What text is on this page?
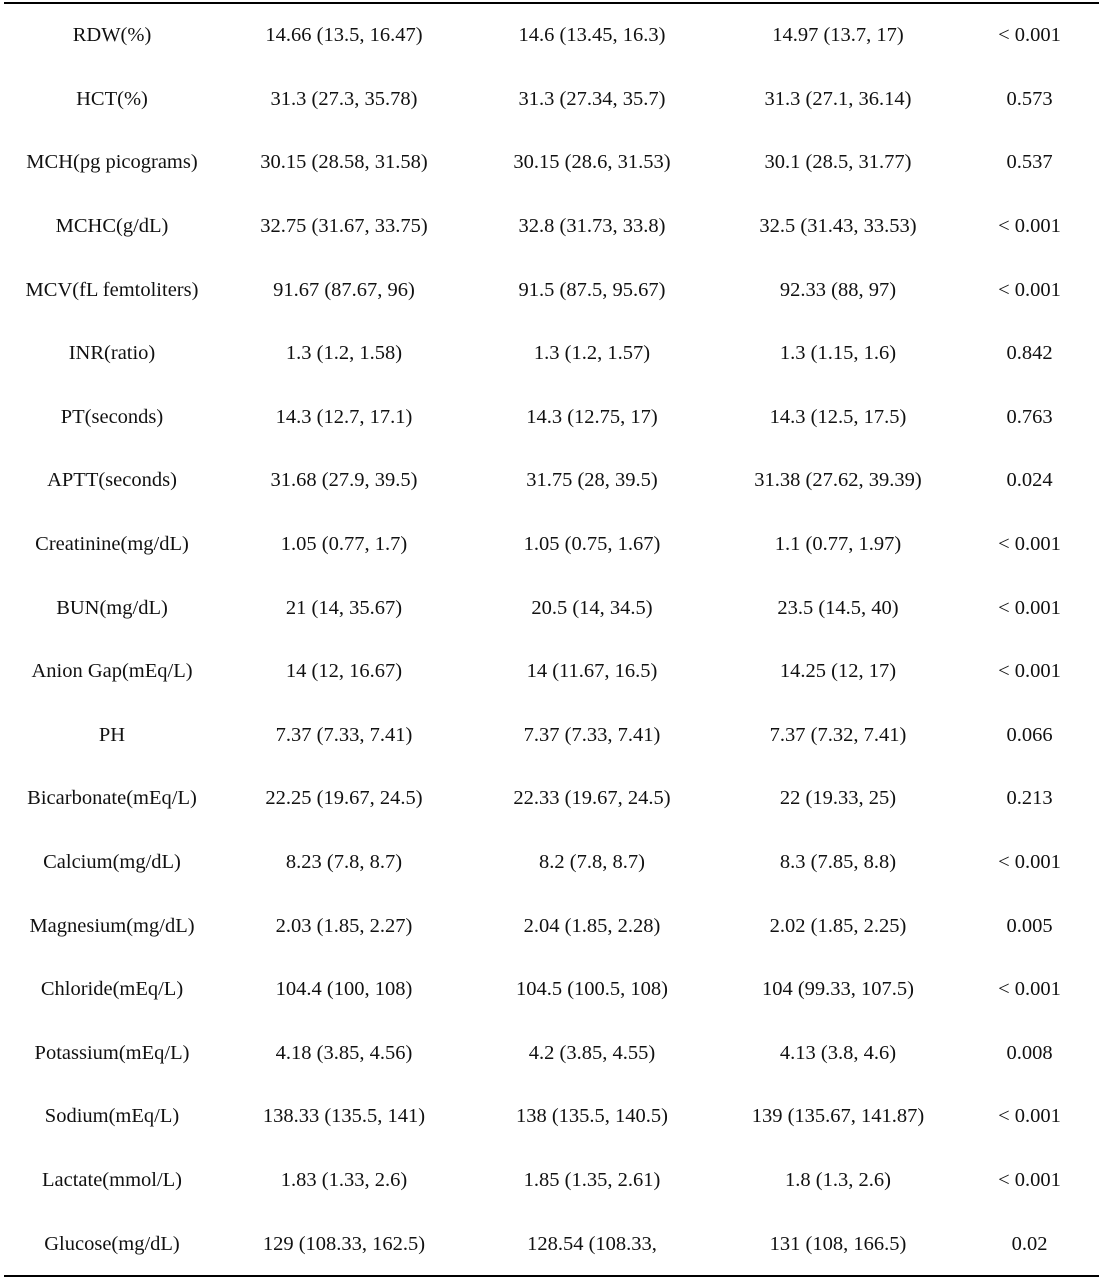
RDW(%)	14.66 (13.5, 16.47)	14.6 (13.45, 16.3)	14.97 (13.7, 17)	< 0.001
HCT(%)	31.3 (27.3, 35.78)	31.3 (27.34, 35.7)	31.3 (27.1, 36.14)	0.573
MCH(pg picograms)	30.15 (28.58, 31.58)	30.15 (28.6, 31.53)	30.1 (28.5, 31.77)	0.537
MCHC(g/dL)	32.75 (31.67, 33.75)	32.8 (31.73, 33.8)	32.5 (31.43, 33.53)	< 0.001
MCV(fL femtoliters)	91.67 (87.67, 96)	91.5 (87.5, 95.67)	92.33 (88, 97)	< 0.001
INR(ratio)	1.3 (1.2, 1.58)	1.3 (1.2, 1.57)	1.3 (1.15, 1.6)	0.842
PT(seconds)	14.3 (12.7, 17.1)	14.3 (12.75, 17)	14.3 (12.5, 17.5)	0.763
APTT(seconds)	31.68 (27.9, 39.5)	31.75 (28, 39.5)	31.38 (27.62, 39.39)	0.024
Creatinine(mg/dL)	1.05 (0.77, 1.7)	1.05 (0.75, 1.67)	1.1 (0.77, 1.97)	< 0.001
BUN(mg/dL)	21 (14, 35.67)	20.5 (14, 34.5)	23.5 (14.5, 40)	< 0.001
Anion Gap(mEq/L)	14 (12, 16.67)	14 (11.67, 16.5)	14.25 (12, 17)	< 0.001
PH	7.37 (7.33, 7.41)	7.37 (7.33, 7.41)	7.37 (7.32, 7.41)	0.066
Bicarbonate(mEq/L)	22.25 (19.67, 24.5)	22.33 (19.67, 24.5)	22 (19.33, 25)	0.213
Calcium(mg/dL)	8.23 (7.8, 8.7)	8.2 (7.8, 8.7)	8.3 (7.85, 8.8)	< 0.001
Magnesium(mg/dL)	2.03 (1.85, 2.27)	2.04 (1.85, 2.28)	2.02 (1.85, 2.25)	0.005
Chloride(mEq/L)	104.4 (100, 108)	104.5 (100.5, 108)	104 (99.33, 107.5)	< 0.001
Potassium(mEq/L)	4.18 (3.85, 4.56)	4.2 (3.85, 4.55)	4.13 (3.8, 4.6)	0.008
Sodium(mEq/L)	138.33 (135.5, 141)	138 (135.5, 140.5)	139 (135.67, 141.87)	< 0.001
Lactate(mmol/L)	1.83 (1.33, 2.6)	1.85 (1.35, 2.61)	1.8 (1.3, 2.6)	< 0.001
Glucose(mg/dL)	129 (108.33, 162.5)	128.54 (108.33,	131 (108, 166.5)	0.02
